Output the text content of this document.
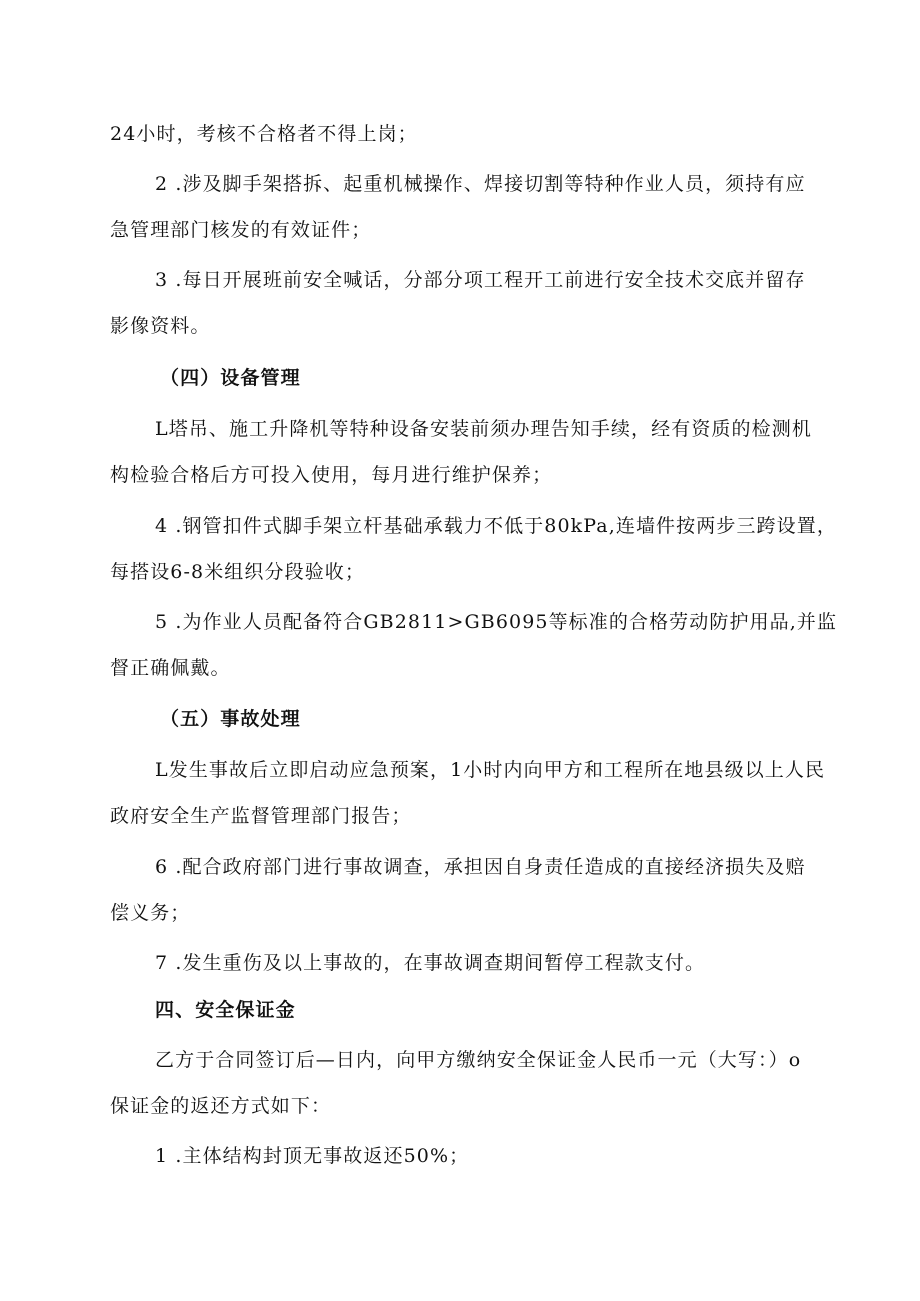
24小时，考核不合格者不得上岗；
2 .涉及脚手架搭拆、起重机械操作、焊接切割等特种作业人员，须持有应
急管理部门核发的有效证件；
3 .每日开展班前安全喊话，分部分项工程开工前进行安全技术交底并留存
影像资料。
（四）设备管理
L塔吊、施工升降机等特种设备安装前须办理告知手续，经有资质的检测机
构检验合格后方可投入使用，每月进行维护保养；
4 .钢管扣件式脚手架立杆基础承载力不低于80kPa,连墙件按两步三跨设置，
每搭设6-8米组织分段验收；
5 .为作业人员配备符合GB2811>GB6095等标准的合格劳动防护用品,并监
督正确佩戴。
（五）事故处理
L发生事故后立即启动应急预案，1小时内向甲方和工程所在地县级以上人民
政府安全生产监督管理部门报告；
6 .配合政府部门进行事故调查，承担因自身责任造成的直接经济损失及赔
偿义务；
7 .发生重伤及以上事故的，在事故调查期间暂停工程款支付。
四、安全保证金
乙方于合同签订后—日内，向甲方缴纳安全保证金人民币一元（大写：）o
保证金的返还方式如下：
1 .主体结构封顶无事故返还50%；
